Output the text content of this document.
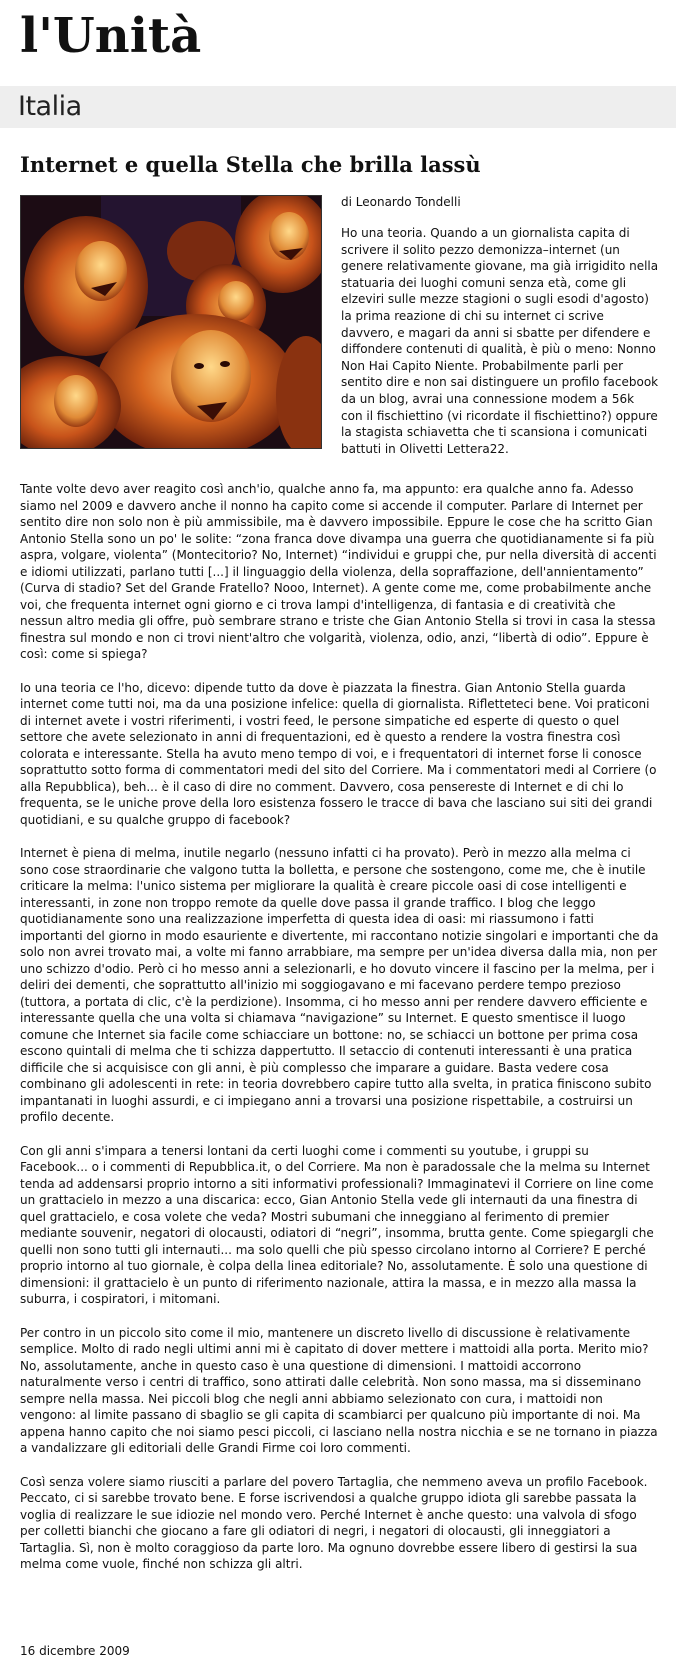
l'Unità
Italia
Internet e quella Stella che brilla lassù
di Leonardo Tondelli

Ho una teoria. Quando a un giornalista capita di scrivere il solito pezzo demonizza–internet (un genere relativamente giovane, ma già irrigidito nella statuaria dei luoghi comuni senza età, come gli elzeviri sulle mezze stagioni o sugli esodi d'agosto) la prima reazione di chi su internet ci scrive davvero, e magari da anni si sbatte per difendere e diffondere contenuti di qualità, è più o meno: Nonno Non Hai Capito Niente. Probabilmente parli per sentito dire e non sai distinguere un profilo facebook da un blog, avrai una connessione modem a 56k con il fischiettino (vi ricordate il fischiettino?) oppure la stagista schiavetta che ti scansiona i comunicati battuti in Olivetti Lettera22.

Tante volte devo aver reagito così anch'io, qualche anno fa, ma appunto: era qualche anno fa. Adesso siamo nel 2009 e davvero anche il nonno ha capito come si accende il computer. Parlare di Internet per sentito dire non solo non è più ammissibile, ma è davvero impossibile. Eppure le cose che ha scritto Gian Antonio Stella sono un po' le solite: “zona franca dove divampa una guerra che quotidianamente si fa più aspra, volgare, violenta” (Montecitorio? No, Internet) “individui e gruppi che, pur nella diversità di accenti e idiomi utilizzati, parlano tutti [...] il linguaggio della violenza, della sopraffazione, dell'annientamento” (Curva di stadio? Set del Grande Fratello? Nooo, Internet). A gente come me, come probabilmente anche voi, che frequenta internet ogni giorno e ci trova lampi d'intelligenza, di fantasia e di creatività che nessun altro media gli offre, può sembrare strano e triste che Gian Antonio Stella si trovi in casa la stessa finestra sul mondo e non ci trovi nient'altro che volgarità, violenza, odio, anzi, “libertà di odio”. Eppure è così: come si spiega?

Io una teoria ce l'ho, dicevo: dipende tutto da dove è piazzata la finestra. Gian Antonio Stella guarda internet come tutti noi, ma da una posizione infelice: quella di giornalista. Rifletteteci bene. Voi praticoni di internet avete i vostri riferimenti, i vostri feed, le persone simpatiche ed esperte di questo o quel settore che avete selezionato in anni di frequentazioni, ed è questo a rendere la vostra finestra così colorata e interessante. Stella ha avuto meno tempo di voi, e i frequentatori di internet forse li conosce soprattutto sotto forma di commentatori medi del sito del Corriere. Ma i commentatori medi al Corriere (o alla Repubblica), beh... è il caso di dire no comment. Davvero, cosa pensereste di Internet e di chi lo frequenta, se le uniche prove della loro esistenza fossero le tracce di bava che lasciano sui siti dei grandi quotidiani, e su qualche gruppo di facebook?

Internet è piena di melma, inutile negarlo (nessuno infatti ci ha provato). Però in mezzo alla melma ci sono cose straordinarie che valgono tutta la bolletta, e persone che sostengono, come me, che è inutile criticare la melma: l'unico sistema per migliorare la qualità è creare piccole oasi di cose intelligenti e interessanti, in zone non troppo remote da quelle dove passa il grande traffico. I blog che leggo quotidianamente sono una realizzazione imperfetta di questa idea di oasi: mi riassumono i fatti importanti del giorno in modo esauriente e divertente, mi raccontano notizie singolari e importanti che da solo non avrei trovato mai, a volte mi fanno arrabbiare, ma sempre per un'idea diversa dalla mia, non per uno schizzo d'odio. Però ci ho messo anni a selezionarli, e ho dovuto vincere il fascino per la melma, per i deliri dei dementi, che soprattutto all'inizio mi soggiogavano e mi facevano perdere tempo prezioso (tuttora, a portata di clic, c'è la perdizione). Insomma, ci ho messo anni per rendere davvero efficiente e interessante quella che una volta si chiamava “navigazione” su Internet. E questo smentisce il luogo comune che Internet sia facile come schiacciare un bottone: no, se schiacci un bottone per prima cosa escono quintali di melma che ti schizza dappertutto. Il setaccio di contenuti interessanti è una pratica difficile che si acquisisce con gli anni, è più complesso che imparare a guidare. Basta vedere cosa combinano gli adolescenti in rete: in teoria dovrebbero capire tutto alla svelta, in pratica finiscono subito impantanati in luoghi assurdi, e ci impiegano anni a trovarsi una posizione rispettabile, a costruirsi un profilo decente.

Con gli anni s'impara a tenersi lontani da certi luoghi come i commenti su youtube, i gruppi su Facebook... o i commenti di Repubblica.it, o del Corriere. Ma non è paradossale che la melma su Internet tenda ad addensarsi proprio intorno a siti informativi professionali? Immaginatevi il Corriere on line come un grattacielo in mezzo a una discarica: ecco, Gian Antonio Stella vede gli internauti da una finestra di quel grattacielo, e cosa volete che veda? Mostri subumani che inneggiano al ferimento di premier mediante souvenir, negatori di olocausti, odiatori di “negri”, insomma, brutta gente. Come spiegargli che quelli non sono tutti gli internauti... ma solo quelli che più spesso circolano intorno al Corriere? E perché proprio intorno al tuo giornale, è colpa della linea editoriale? No, assolutamente. È solo una questione di dimensioni: il grattacielo è un punto di riferimento nazionale, attira la massa, e in mezzo alla massa la suburra, i cospiratori, i mitomani.

Per contro in un piccolo sito come il mio, mantenere un discreto livello di discussione è relativamente semplice. Molto di rado negli ultimi anni mi è capitato di dover mettere i mattoidi alla porta. Merito mio? No, assolutamente, anche in questo caso è una questione di dimensioni. I mattoidi accorrono naturalmente verso i centri di traffico, sono attirati dalle celebrità. Non sono massa, ma si disseminano sempre nella massa. Nei piccoli blog che negli anni abbiamo selezionato con cura, i mattoidi non vengono: al limite passano di sbaglio se gli capita di scambiarci per qualcuno più importante di noi. Ma appena hanno capito che noi siamo pesci piccoli, ci lasciano nella nostra nicchia e se ne tornano in piazza a vandalizzare gli editoriali delle Grandi Firme coi loro commenti.

Così senza volere siamo riusciti a parlare del povero Tartaglia, che nemmeno aveva un profilo Facebook. Peccato, ci si sarebbe trovato bene. E forse iscrivendosi a qualche gruppo idiota gli sarebbe passata la voglia di realizzare le sue idiozie nel mondo vero. Perché Internet è anche questo: una valvola di sfogo per colletti bianchi che giocano a fare gli odiatori di negri, i negatori di olocausti, gli inneggiatori a Tartaglia. Sì, non è molto coraggioso da parte loro. Ma ognuno dovrebbe essere libero di gestirsi la sua melma come vuole, finché non schizza gli altri.

16 dicembre 2009
